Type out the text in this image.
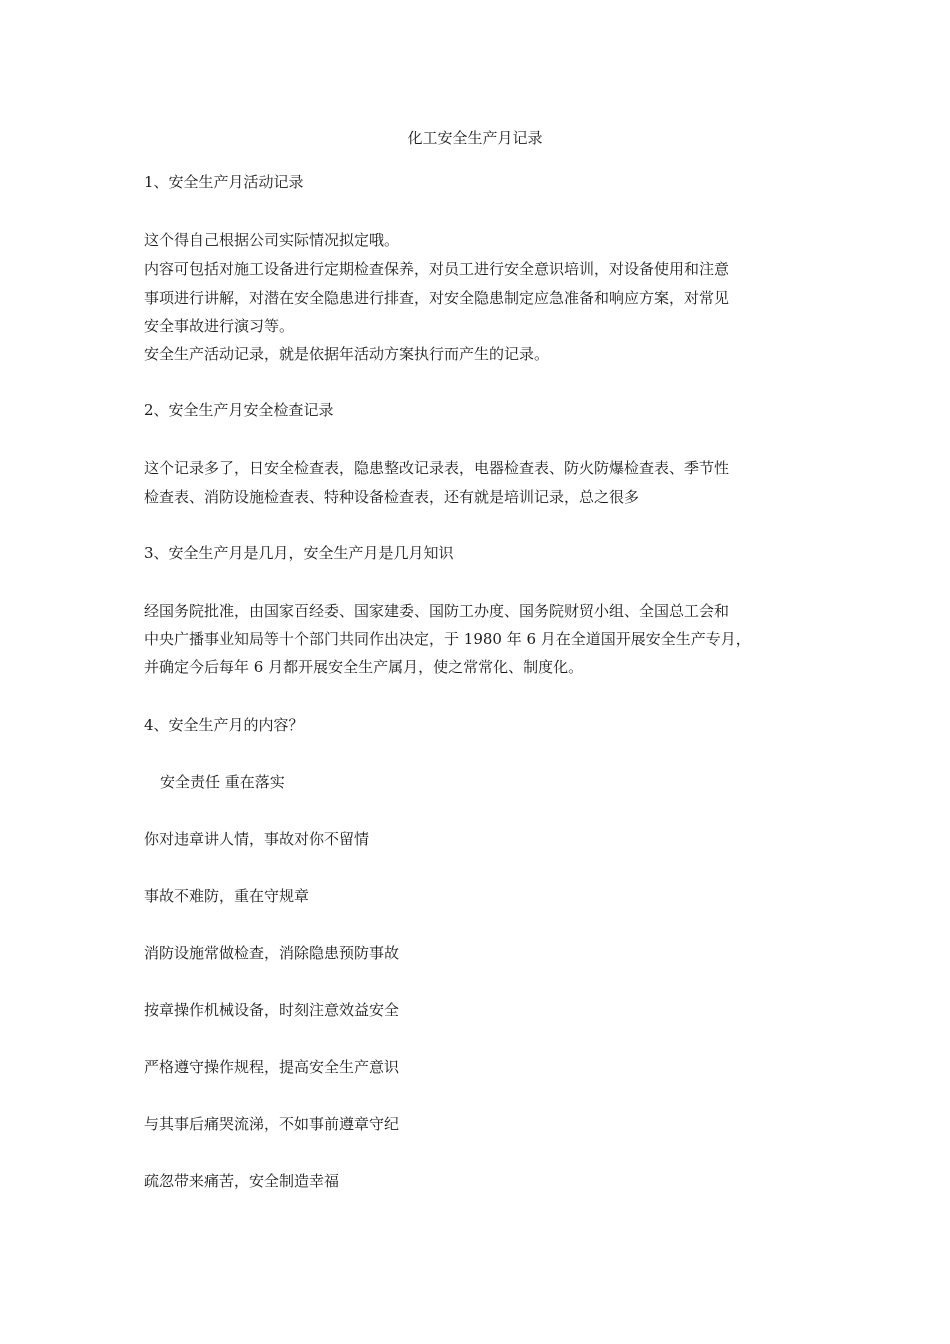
化工安全生产月记录
1、安全生产月活动记录
这个得自己根据公司实际情况拟定哦。
内容可包括对施工设备进行定期检查保养，对员工进行安全意识培训，对设备使用和注意
事项进行讲解，对潜在安全隐患进行排查，对安全隐患制定应急准备和响应方案，对常见
安全事故进行演习等。
安全生产活动记录，就是依据年活动方案执行而产生的记录。
2、安全生产月安全检查记录
这个记录多了，日安全检查表，隐患整改记录表，电器检查表、防火防爆检查表、季节性
检查表、消防设施检查表、特种设备检查表，还有就是培训记录，总之很多
3、安全生产月是几月，安全生产月是几月知识
经国务院批准，由国家百经委、国家建委、国防工办度、国务院财贸小组、全国总工会和
中央广播事业知局等十个部门共同作出决定，于 1980 年 6 月在全道国开展安全生产专月，
并确定今后每年 6 月都开展安全生产属月，使之常常化、制度化。
4、安全生产月的内容？
安全责任 重在落实
你对违章讲人情，事故对你不留情
事故不难防，重在守规章
消防设施常做检查，消除隐患预防事故
按章操作机械设备，时刻注意效益安全
严格遵守操作规程，提高安全生产意识
与其事后痛哭流涕，不如事前遵章守纪
疏忽带来痛苦，安全制造幸福
